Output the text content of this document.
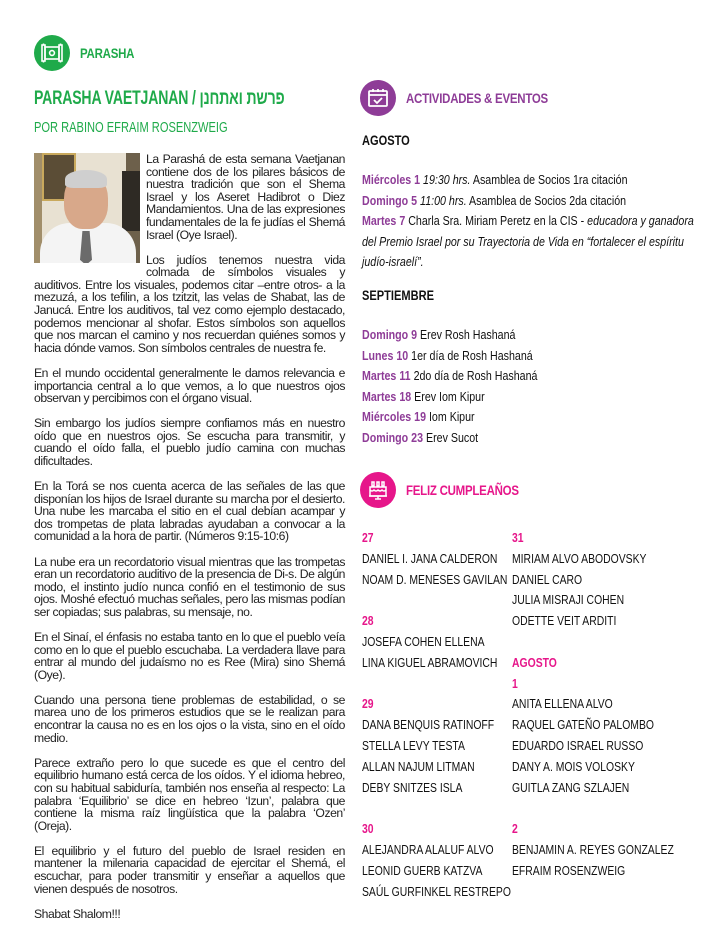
PARASHA
PARASHA VAETJANAN / פרשת ואתחנן
POR RABINO EFRAIM ROSENZWEIG

La Parashá de esta semana Vaetjanan contiene dos de los pilares básicos de nuestra tradición que son el Shema Israel y los Aseret Hadibrot o Diez Mandamientos. Una de las expresiones fundamentales de la fe judías el Shemá Israel (Oye Israel).

Los judíos tenemos nuestra vida colmada de símbolos visuales y auditivos. Entre los visuales, podemos citar –entre otros- a la mezuzá, a los tefilin, a los tzitzit, las velas de Shabat, las de Janucá. Entre los auditivos, tal vez como ejemplo destacado, podemos mencionar al shofar. Estos símbolos son aquellos que nos marcan el camino y nos recuerdan quiénes somos y hacia dónde vamos. Son símbolos centrales de nuestra fe.

En el mundo occidental generalmente le damos relevancia e importancia central a lo que vemos, a lo que nuestros ojos observan y percibimos con el órgano visual.

Sin embargo los judíos siempre confiamos más en nuestro oído que en nuestros ojos. Se escucha para transmitir, y cuando el oído falla, el pueblo judío camina con muchas dificultades.

En la Torá se nos cuenta acerca de las señales de las que disponían los hijos de Israel durante su marcha por el desierto. Una nube les marcaba el sitio en el cual debían acampar y dos trompetas de plata labradas ayudaban a convocar a la comunidad a la hora de partir. (Números 9:15-10:6)

La nube era un recordatorio visual mientras que las trompetas eran un recordatorio auditivo de la presencia de Di-s. De algún modo, el instinto judío nunca confió en el testimonio de sus ojos. Moshé efectuó muchas señales, pero las mismas podían ser copiadas; sus palabras, su mensaje, no.

En el Sinaí, el énfasis no estaba tanto en lo que el pueblo veía como en lo que el pueblo escuchaba. La verdadera llave para entrar al mundo del judaísmo no es Ree (Mira) sino Shemá (Oye).

Cuando una persona tiene problemas de estabilidad, o se marea uno de los primeros estudios que se le realizan para encontrar la causa no es en los ojos o la vista, sino en el oído medio.

Parece extraño pero lo que sucede es que el centro del equilibrio humano está cerca de los oídos. Y el idioma hebreo, con su habitual sabiduría, también nos enseña al respecto: La palabra ‘Equilibrio’ se dice en hebreo ‘Izun’, palabra que contiene la misma raíz lingüística que la palabra ‘Ozen’ (Oreja).

El equilibrio y el futuro del pueblo de Israel residen en mantener la milenaria capacidad de ejercitar el Shemá, el escuchar, para poder transmitir y enseñar a aquellos que vienen después de nosotros.

Shabat Shalom!!!

ACTIVIDADES & EVENTOS
AGOSTO
Miércoles 1 19:30 hrs. Asamblea de Socios 1ra citación
Domingo 5 11:00 hrs. Asamblea de Socios 2da citación
Martes 7 Charla Sra. Miriam Peretz en la CIS - educadora y ganadora del Premio Israel por su Trayectoria de Vida en “fortalecer el espíritu judío-israelí”.
SEPTIEMBRE
Domingo 9 Erev Rosh Hashaná
Lunes 10 1er día de Rosh Hashaná
Martes 11 2do día de Rosh Hashaná
Martes 18 Erev Iom Kipur
Miércoles 19 Iom Kipur
Domingo 23 Erev Sucot
FELIZ CUMPLEAÑOS
27
DANIEL I. JANA CALDERON
NOAM D. MENESES GAVILAN
28
JOSEFA COHEN ELLENA
LINA KIGUEL ABRAMOVICH
29
DANA BENQUIS RATINOFF
STELLA LEVY TESTA
ALLAN NAJUM LITMAN
DEBY SNITZES ISLA
30
ALEJANDRA ALALUF ALVO
LEONID GUERB KATZVA
SAÚL GURFINKEL RESTREPO
31
MIRIAM ALVO ABODOVSKY
DANIEL CARO
JULIA MISRAJI COHEN
ODETTE VEIT ARDITI
AGOSTO
1
ANITA ELLENA ALVO
RAQUEL GATEÑO PALOMBO
EDUARDO ISRAEL RUSSO
DANY A. MOIS VOLOSKY
GUITLA ZANG SZLAJEN
2
BENJAMIN A. REYES GONZALEZ
EFRAIM ROSENZWEIG
